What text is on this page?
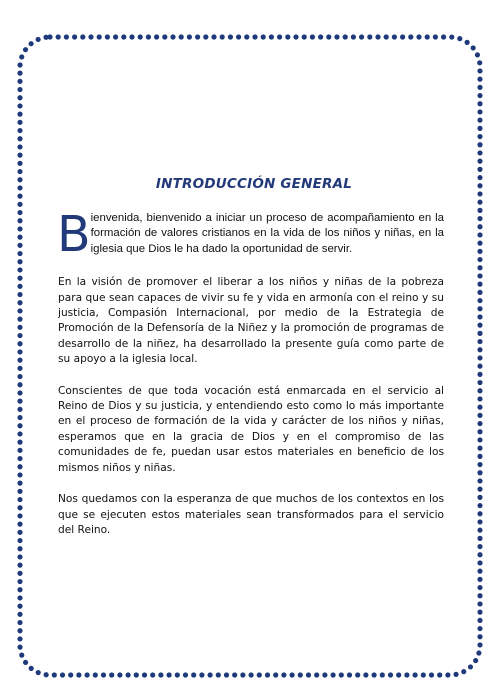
INTRODUCCIÓN GENERAL

Bienvenida, bienvenido a iniciar un proceso de acompañamiento en la formación de valores cristianos en la vida de los niños y niñas, en la iglesia que Dios le ha dado la oportunidad de servir.

En la visión de promover el liberar a los niños y niñas de la pobreza para que sean capaces de vivir su fe y vida en armonía con el reino y su justicia, Compasión Internacional, por medio de la Estrategia de Promoción de la Defensoría de la Niñez y la promoción de programas de desarrollo de la niñez, ha desarrollado la presente guía como parte de su apoyo a la iglesia local.

Conscientes de que toda vocación está enmarcada en el servicio al Reino de Dios y su justicia, y entendiendo esto como lo más importante en el proceso de formación de la vida y carácter de los niños y niñas, esperamos que en la gracia de Dios y en el compromiso de las comunidades de fe, puedan usar estos materiales en beneficio de los mismos niños y niñas.

Nos quedamos con la esperanza de que muchos de los contextos en los que se ejecuten estos materiales sean transformados para el servicio del Reino.
